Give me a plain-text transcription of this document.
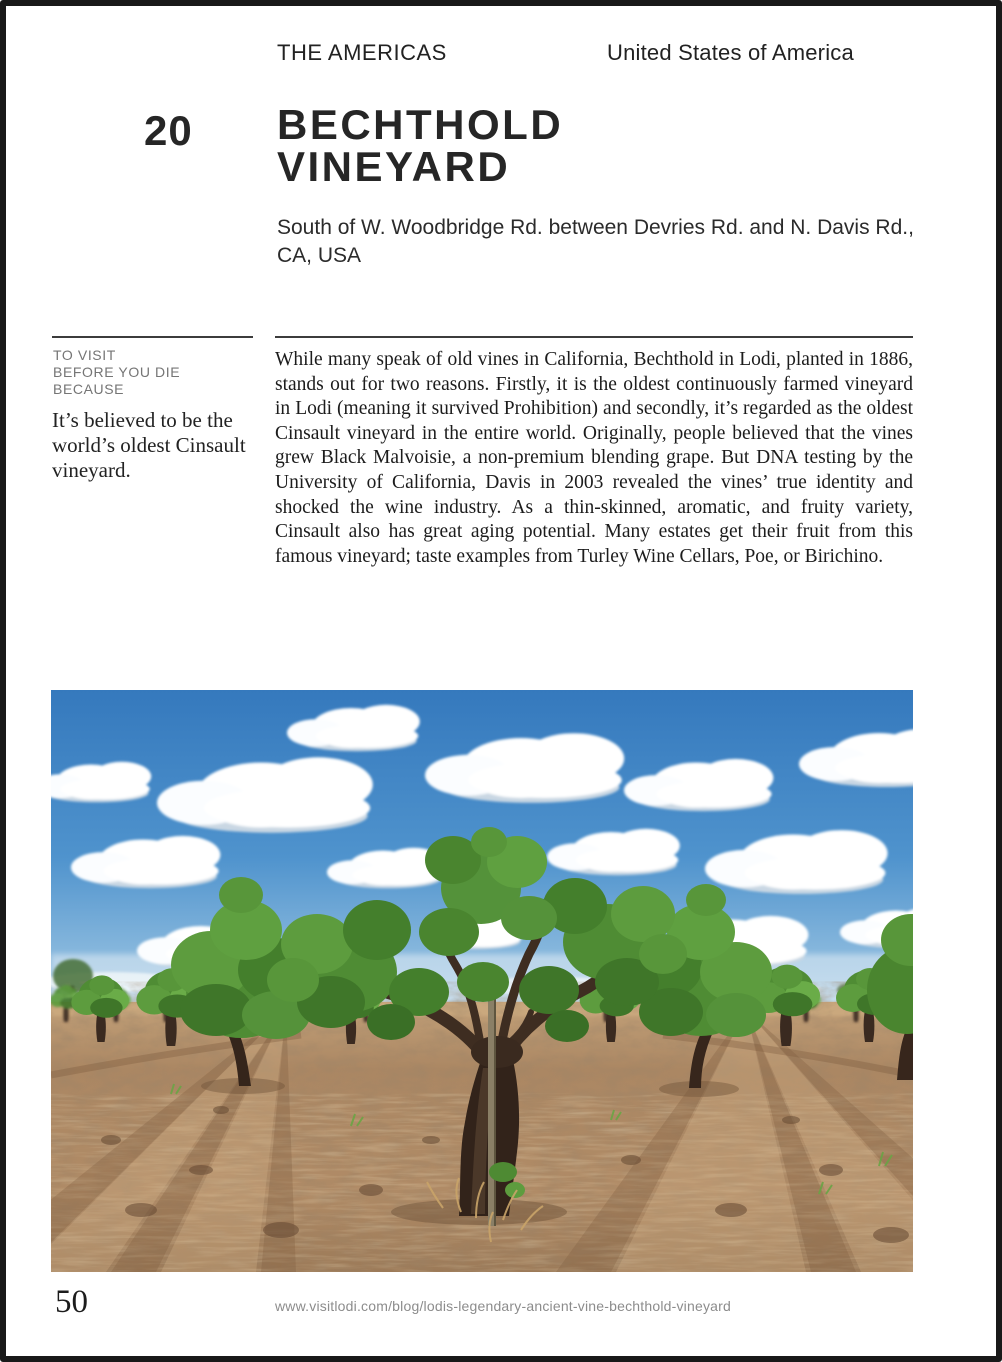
THE AMERICAS	United States of America
20 BECHTHOLD
VINEYARD
South of W. Woodbridge Rd. between Devries Rd. and N. Davis Rd., CA, USA
TO VISIT
BEFORE YOU DIE
BECAUSE
It’s believed to be the world’s oldest Cinsault vineyard.
While many speak of old vines in California, Bechthold in Lodi, planted in 1886, stands out for two reasons. Firstly, it is the oldest continuously farmed vineyard in Lodi (meaning it survived Prohibition) and secondly, it’s regarded as the oldest Cinsault vineyard in the entire world. Originally, people believed that the vines grew Black Malvoisie, a non-premium blending grape. But DNA testing by the University of California, Davis in 2003 revealed the vines’ true identity and shocked the wine industry. As a thin-skinned, aromatic, and fruity variety, Cinsault also has great aging potential. Many estates get their fruit from this famous vineyard; taste examples from Turley Wine Cellars, Poe, or Birichino.
50	www.visitlodi.com/blog/lodis-legendary-ancient-vine-bechthold-vineyard
